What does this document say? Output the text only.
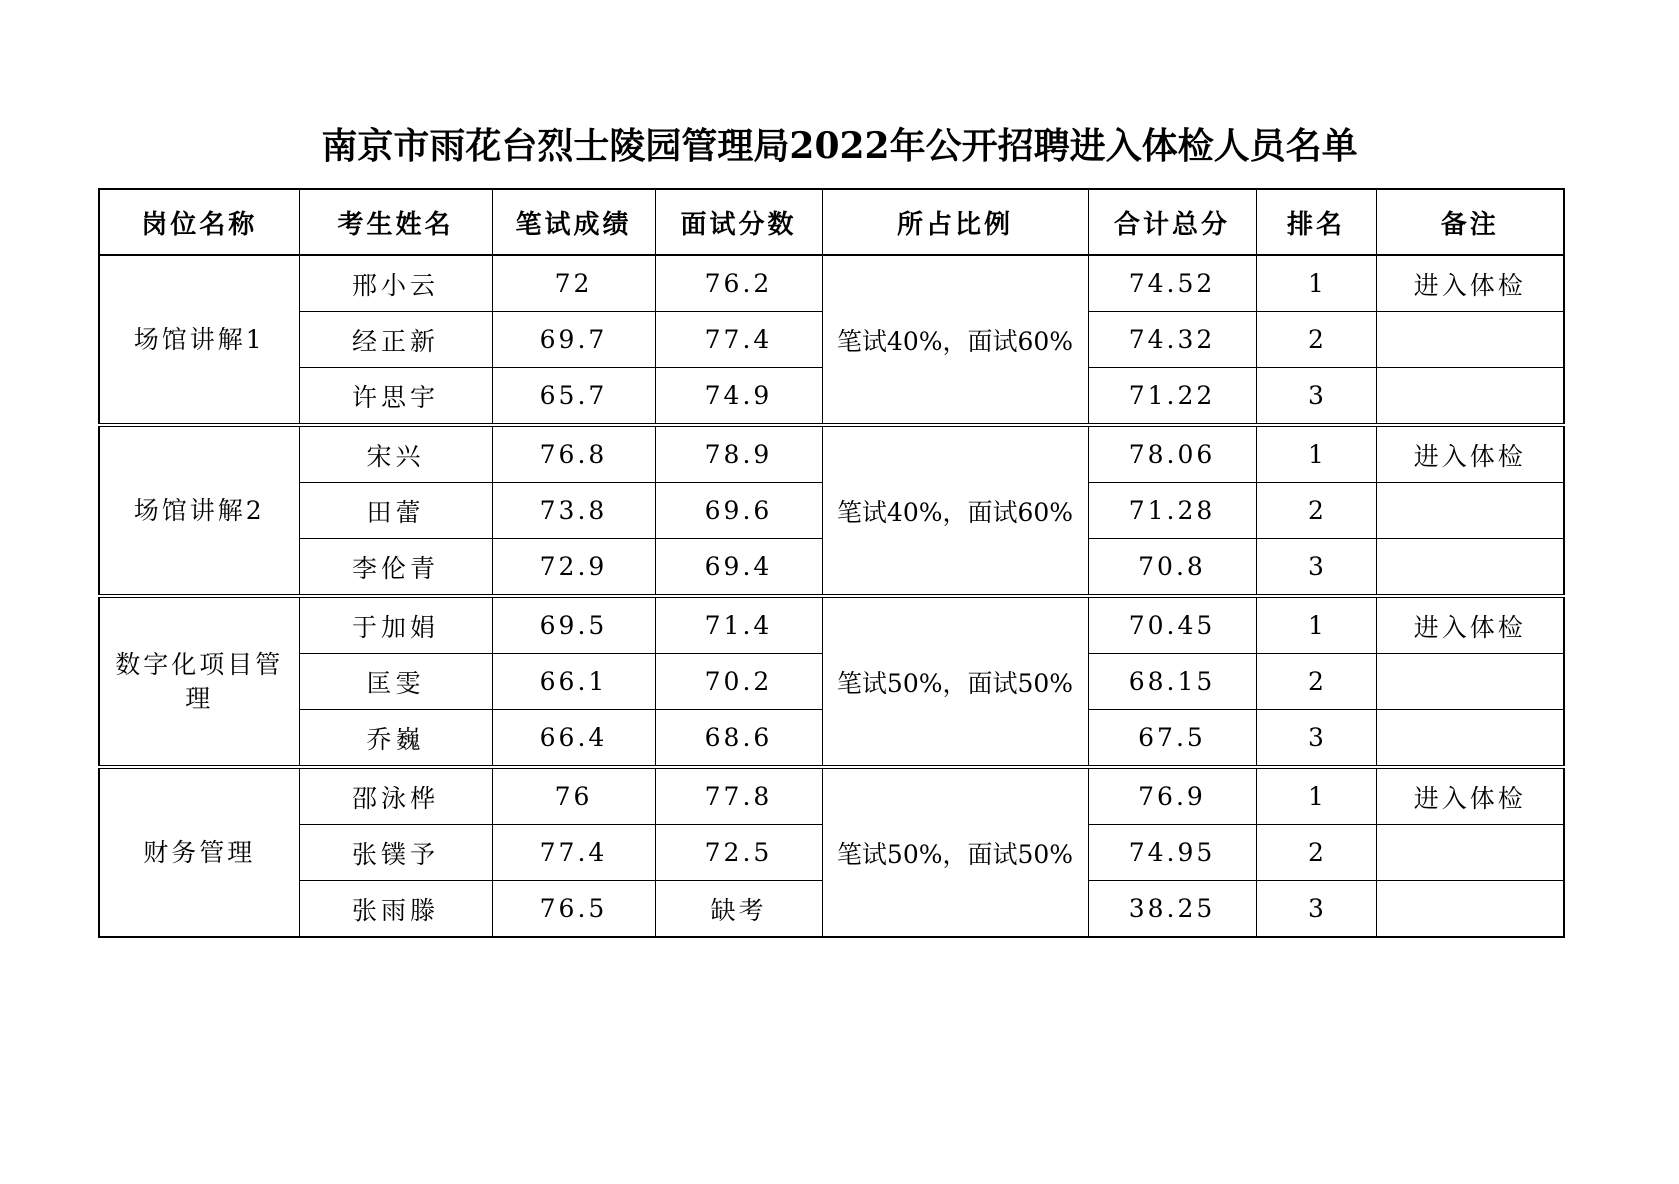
南京市雨花台烈士陵园管理局2022年公开招聘进入体检人员名单
岗位名称	考生姓名	笔试成绩	面试分数	所占比例	合计总分	排名	备注
场馆讲解1	邢小云	72	76.2	笔试40%，面试60%	74.52	1	进入体检
	经正新	69.7	77.4		74.32	2	
	许思宇	65.7	74.9		71.22	3	
场馆讲解2	宋兴	76.8	78.9	笔试40%，面试60%	78.06	1	进入体检
	田蕾	73.8	69.6		71.28	2	
	李伦青	72.9	69.4		70.8	3	
数字化项目管理	于加娟	69.5	71.4	笔试50%，面试50%	70.45	1	进入体检
	匡雯	66.1	70.2		68.15	2	
	乔巍	66.4	68.6		67.5	3	
财务管理	邵泳桦	76	77.8	笔试50%，面试50%	76.9	1	进入体检
	张镤予	77.4	72.5		74.95	2	
	张雨滕	76.5	缺考		38.25	3	
